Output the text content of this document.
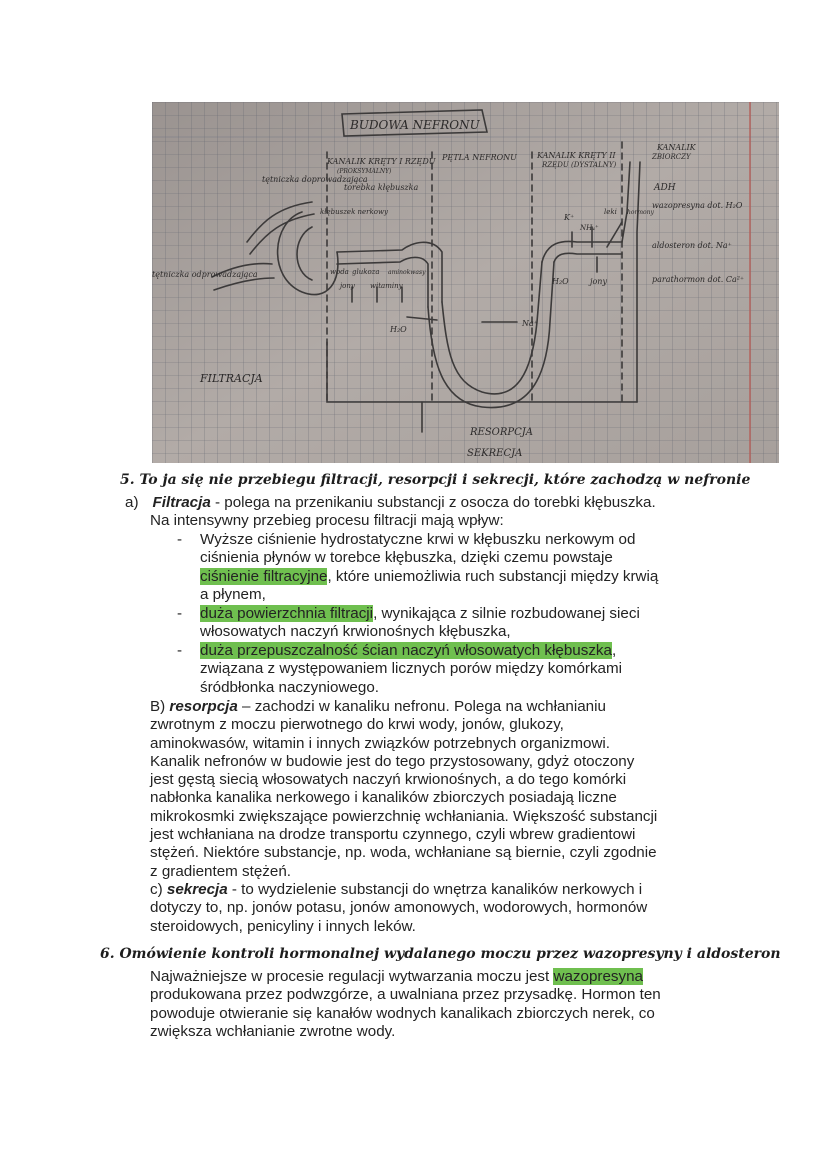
BUDOWA NEFRONU
KANALIK KRĘTY I RZĘDU
(PROKSYMALNY)
PĘTLA NEFRONU	KANALIK KRĘTY II
RZĘDU (DYSTALNY)
KANALIK
ZBIORCZY
tętniczka doprowadzająca
tętniczka odprowadzająca
torebka kłębuszka
kłębuszek nerkowy
woda glukoza aminokwasy
jony witaminy
H₂O
Na⁺
K⁺
NH₄⁺
leki hormony
H₂O	jony
ADH
wazopresyna dot. H₂O
aldosteron dot. Na⁺
parathormon dot. Ca²⁺
FILTRACJA
RESORPCJA
SEKRECJA
5. To ja się nie przebiegu filtracji, resorpcji i sekrecji, które zachodzą w nefronie
a) Filtracja - polega na przenikaniu substancji z osocza do torebki kłębuszka.
Na intensywny przebieg procesu filtracji mają wpływ:
- Wyższe ciśnienie hydrostatyczne krwi w kłębuszku nerkowym od
ciśnienia płynów w torebce kłębuszka, dzięki czemu powstaje
ciśnienie filtracyjne, które uniemożliwia ruch substancji między krwią
a płynem,
- duża powierzchnia filtracji, wynikająca z silnie rozbudowanej sieci
włosowatych naczyń krwionośnych kłębuszka,
- duża przepuszczalność ścian naczyń włosowatych kłębuszka,
związana z występowaniem licznych porów między komórkami
śródbłonka naczyniowego.
B) resorpcja – zachodzi w kanaliku nefronu. Polega na wchłanianiu
zwrotnym z moczu pierwotnego do krwi wody, jonów, glukozy,
aminokwasów, witamin i innych związków potrzebnych organizmowi.
Kanalik nefronów w budowie jest do tego przystosowany, gdyż otoczony
jest gęstą siecią włosowatych naczyń krwionośnych, a do tego komórki
nabłonka kanalika nerkowego i kanalików zbiorczych posiadają liczne
mikrokosmki zwiększające powierzchnię wchłaniania. Większość substancji
jest wchłaniana na drodze transportu czynnego, czyli wbrew gradientowi
stężeń. Niektóre substancje, np. woda, wchłaniane są biernie, czyli zgodnie
z gradientem stężeń.
c) sekrecja - to wydzielenie substancji do wnętrza kanalików nerkowych i
dotyczy to, np. jonów potasu, jonów amonowych, wodorowych, hormonów
steroidowych, penicyliny i innych leków.
6. Omówienie kontroli hormonalnej wydalanego moczu przez wazopresyny i aldosteron
Najważniejsze w procesie regulacji wytwarzania moczu jest wazopresyna
produkowana przez podwzgórze, a uwalniana przez przysadkę. Hormon ten
powoduje otwieranie się kanałów wodnych kanalikach zbiorczych nerek, co
zwiększa wchłanianie zwrotne wody.
